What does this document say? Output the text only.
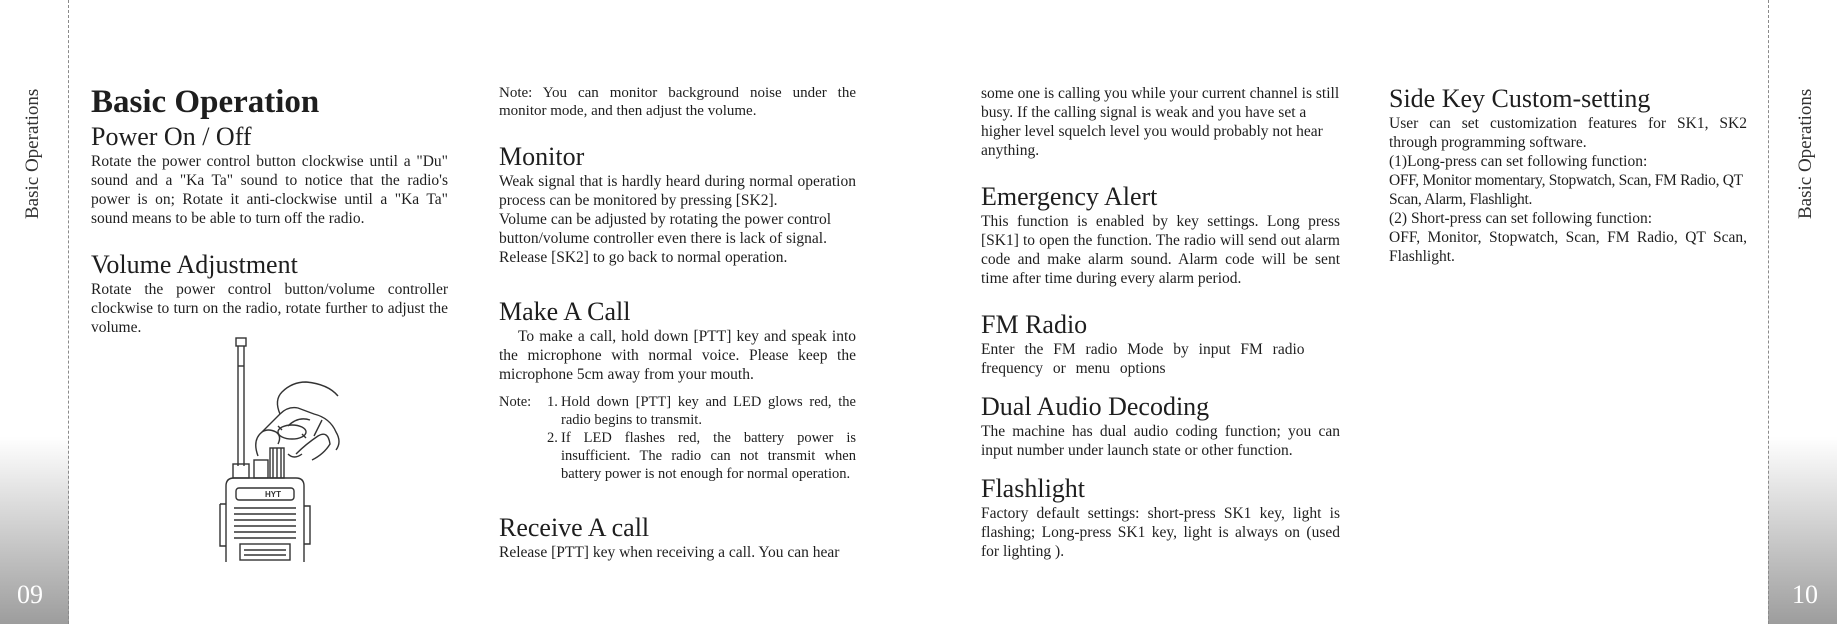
Basic Operations
09
Basic Operations
10
Basic Operation
Power On / Off

Rotate the power control button clockwise until a "Du" sound and a "Ka Ta" sound to notice that the radio's power is on; Rotate it anti-clockwise until a "Ka Ta" sound means to be able to turn off the radio.

Volume Adjustment

Rotate the power control button/volume controller clockwise to turn on the radio, rotate further to adjust the volume.

HYT

Note: You can monitor background noise under the monitor mode, and then adjust the volume.

Monitor

Weak signal that is hardly heard during normal operation process can be monitored by pressing [SK2].

Volume can be adjusted by rotating the power control button/volume controller even there is lack of signal.

Release [SK2] to go back to normal operation.

Make A Call

To make a call, hold down [PTT] key and speak into the microphone with normal voice. Please keep the microphone 5cm away from your mouth.

Note:	1. Hold down [PTT] key and LED glows red, the radio begins to transmit.
2. If LED flashes red, the battery power is insufficient. The radio can not transmit when battery power is not enough for normal operation.
Receive A call

Release [PTT] key when receiving a call. You can hear

some one is calling you while your current channel is still busy. If the calling signal is weak and you have set a higher level squelch level you would probably not hear anything.

Emergency Alert

This function is enabled by key settings. Long press [SK1] to open the function. The radio will send out alarm code and make alarm sound. Alarm code will be sent time after time during every alarm period.

FM Radio

Enter the FM radio Mode by input FM radio frequency or menu options

Dual Audio Decoding

The machine has dual audio coding function; you can input number under launch state or other function.

Flashlight

Factory default settings: short-press SK1 key, light is flashing; Long-press SK1 key, light is always on (used for lighting ).

Side Key Custom-setting

User can set customization features for SK1, SK2 through programming software.

(1)Long-press can set following function:

OFF, Monitor momentary, Stopwatch, Scan, FM Radio, QT Scan, Alarm, Flashlight.

(2) Short-press can set following function:

OFF, Monitor, Stopwatch, Scan, FM Radio, QT Scan, Flashlight.
